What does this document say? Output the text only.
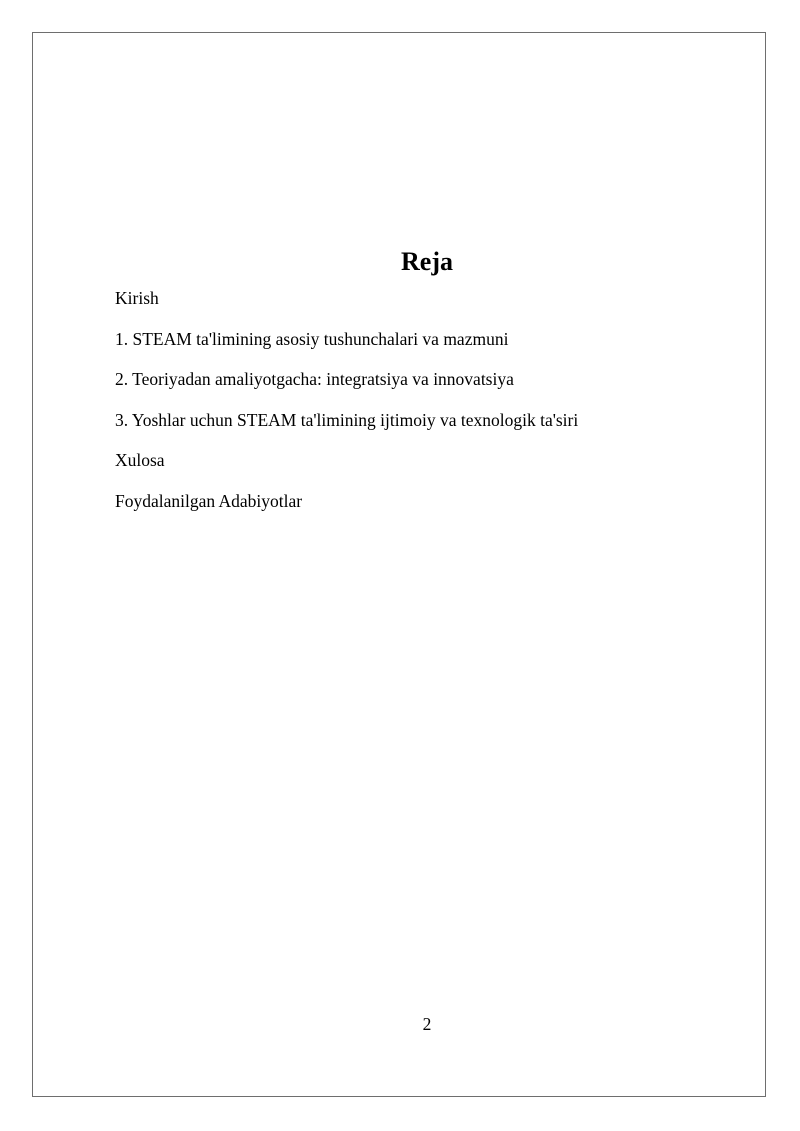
Reja
Kirish
1. STEAM ta'limining asosiy tushunchalari va mazmuni
2. Teoriyadan amaliyotgacha: integratsiya va innovatsiya
3. Yoshlar uchun STEAM ta'limining ijtimoiy va texnologik ta'siri
Xulosa
Foydalanilgan Adabiyotlar
2
